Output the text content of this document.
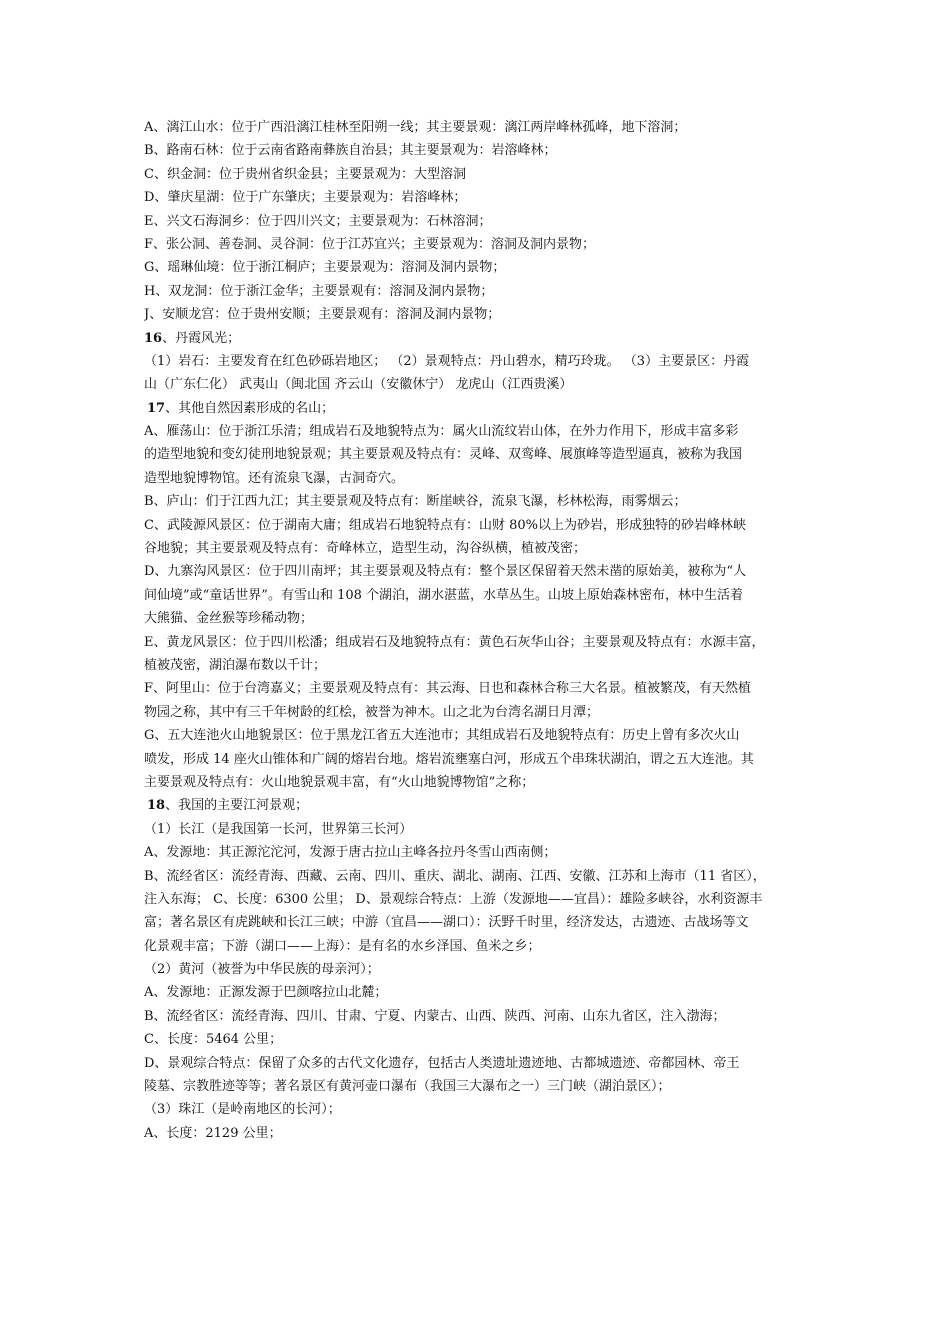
A、漓江山水：位于广西沿漓江桂林至阳朔一线；其主要景观：漓江两岸峰林孤峰，地下溶洞；
B、路南石林：位于云南省路南彝族自治县；其主要景观为：岩溶峰林；
C、织金洞：位于贵州省织金县；主要景观为：大型溶洞
D、肇庆星湖：位于广东肇庆；主要景观为：岩溶峰林；
E、兴文石海洞乡：位于四川兴文；主要景观为：石林溶洞；
F、张公洞、善卷洞、灵谷洞：位于江苏宜兴；主要景观为：溶洞及洞内景物；
G、瑶琳仙境：位于浙江桐庐；主要景观为：溶洞及洞内景物；
H、双龙洞：位于浙江金华；主要景观有：溶洞及洞内景物；
J、安顺龙宫：位于贵州安顺；主要景观有：溶洞及洞内景物；
16、丹霞风光；
（1）岩石：主要发育在红色砂砾岩地区； （2）景观特点：丹山碧水，精巧玲珑。 （3）主要景区：丹霞
山（广东仁化） 武夷山（闽北国 齐云山（安徽休宁） 龙虎山（江西贵溪）
17、其他自然因素形成的名山；
A、雁荡山：位于浙江乐清；组成岩石及地貌特点为：属火山流纹岩山体，在外力作用下，形成丰富多彩
的造型地貌和变幻徒刑地貌景观；其主要景观及特点有：灵峰、双鸾峰、展旗峰等造型逼真，被称为我国
造型地貌博物馆。还有流泉飞瀑，古洞奇穴。
B、庐山：们于江西九江；其主要景观及特点有：断崖峡谷，流泉飞瀑，杉林松海，雨雾烟云；
C、武陵源风景区：位于湖南大庸；组成岩石地貌特点有：山财 80%以上为砂岩，形成独特的砂岩峰林峡
谷地貌；其主要景观及特点有：奇峰林立，造型生动，沟谷纵横，植被茂密；
D、九寨沟风景区：位于四川南坪；其主要景观及特点有：整个景区保留着天然未凿的原始美，被称为“人
间仙境”或“童话世界”。有雪山和 108 个湖泊，湖水湛蓝，水草丛生。山坡上原始森林密布，林中生活着
大熊猫、金丝猴等珍稀动物；
E、黄龙风景区：位于四川松潘；组成岩石及地貌特点有：黄色石灰华山谷；主要景观及特点有：水源丰富，
植被茂密，湖泊瀑布数以千计；
F、阿里山：位于台湾嘉义；主要景观及特点有：其云海、日也和森林合称三大名景。植被繁茂，有天然植
物园之称，其中有三千年树龄的红桧，被誉为神木。山之北为台湾名湖日月潭；
G、五大连池火山地貌景区：位于黑龙江省五大连池市；其组成岩石及地貌特点有：历史上曾有多次火山
喷发，形成 14 座火山锥体和广阔的熔岩台地。熔岩流壅塞白河，形成五个串珠状湖泊，谓之五大连池。其
主要景观及特点有：火山地貌景观丰富，有“火山地貌博物馆”之称；
18、我国的主要江河景观；
（1）长江（是我国第一长河，世界第三长河）
A、发源地：其正源沱沱河，发源于唐古拉山主峰各拉丹冬雪山西南侧；
B、流经省区：流经青海、西藏、云南、四川、重庆、湖北、湖南、江西、安徽、江苏和上海市（11 省区），
注入东海； C、长度：6300 公里； D、景观综合特点：上游（发源地——宜昌）：雄险多峡谷，水利资源丰
富；著名景区有虎跳峡和长江三峡；中游（宜昌——湖口）：沃野千时里，经济发达，古遗迹、古战场等文
化景观丰富；下游（湖口——上海）：是有名的水乡泽国、鱼米之乡；
（2）黄河（被誉为中华民族的母亲河）；
A、发源地：正源发源于巴颜喀拉山北麓；
B、流经省区：流经青海、四川、甘肃、宁夏、内蒙古、山西、陕西、河南、山东九省区，注入渤海；
C、长度：5464 公里；
D、景观综合特点：保留了众多的古代文化遗存，包括古人类遗址遗迹地、古都城遗迹、帝都园林、帝王
陵墓、宗教胜迹等等；著名景区有黄河壶口瀑布（我国三大瀑布之一）三门峡（湖泊景区）；
（3）珠江（是岭南地区的长河）；
A、长度：2129 公里；
